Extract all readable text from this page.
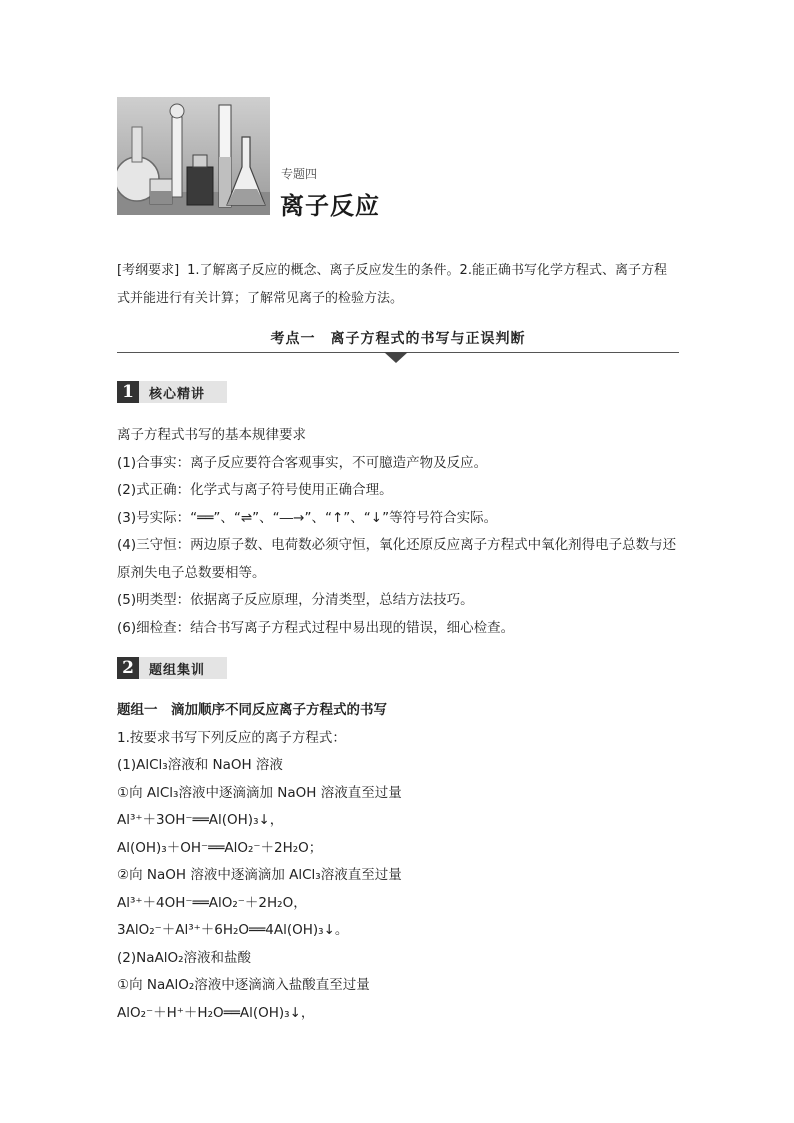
专题四
离子反应
[考纲要求] 1.了解离子反应的概念、离子反应发生的条件。2.能正确书写化学方程式、离子方程式并能进行有关计算；了解常见离子的检验方法。
考点一　离子方程式的书写与正误判断
1	核心精讲
离子方程式书写的基本规律要求
(1)合事实：离子反应要符合客观事实，不可臆造产物及反应。
(2)式正确：化学式与离子符号使用正确合理。
(3)号实际：“══”、“⇌”、“―→”、“↑”、“↓”等符号符合实际。
(4)三守恒：两边原子数、电荷数必须守恒，氧化还原反应离子方程式中氧化剂得电子总数与还原剂失电子总数要相等。
(5)明类型：依据离子反应原理，分清类型，总结方法技巧。
(6)细检查：结合书写离子方程式过程中易出现的错误，细心检查。
2	题组集训
题组一　滴加顺序不同反应离子方程式的书写
1.按要求书写下列反应的离子方程式：
(1)AlCl₃溶液和 NaOH 溶液
①向 AlCl₃溶液中逐滴滴加 NaOH 溶液直至过量
Al³⁺＋3OH⁻══Al(OH)₃↓，
Al(OH)₃＋OH⁻══AlO₂⁻＋2H₂O；
②向 NaOH 溶液中逐滴滴加 AlCl₃溶液直至过量
Al³⁺＋4OH⁻══AlO₂⁻＋2H₂O，
3AlO₂⁻＋Al³⁺＋6H₂O══4Al(OH)₃↓。
(2)NaAlO₂溶液和盐酸
①向 NaAlO₂溶液中逐滴滴入盐酸直至过量
AlO₂⁻＋H⁺＋H₂O══Al(OH)₃↓，
